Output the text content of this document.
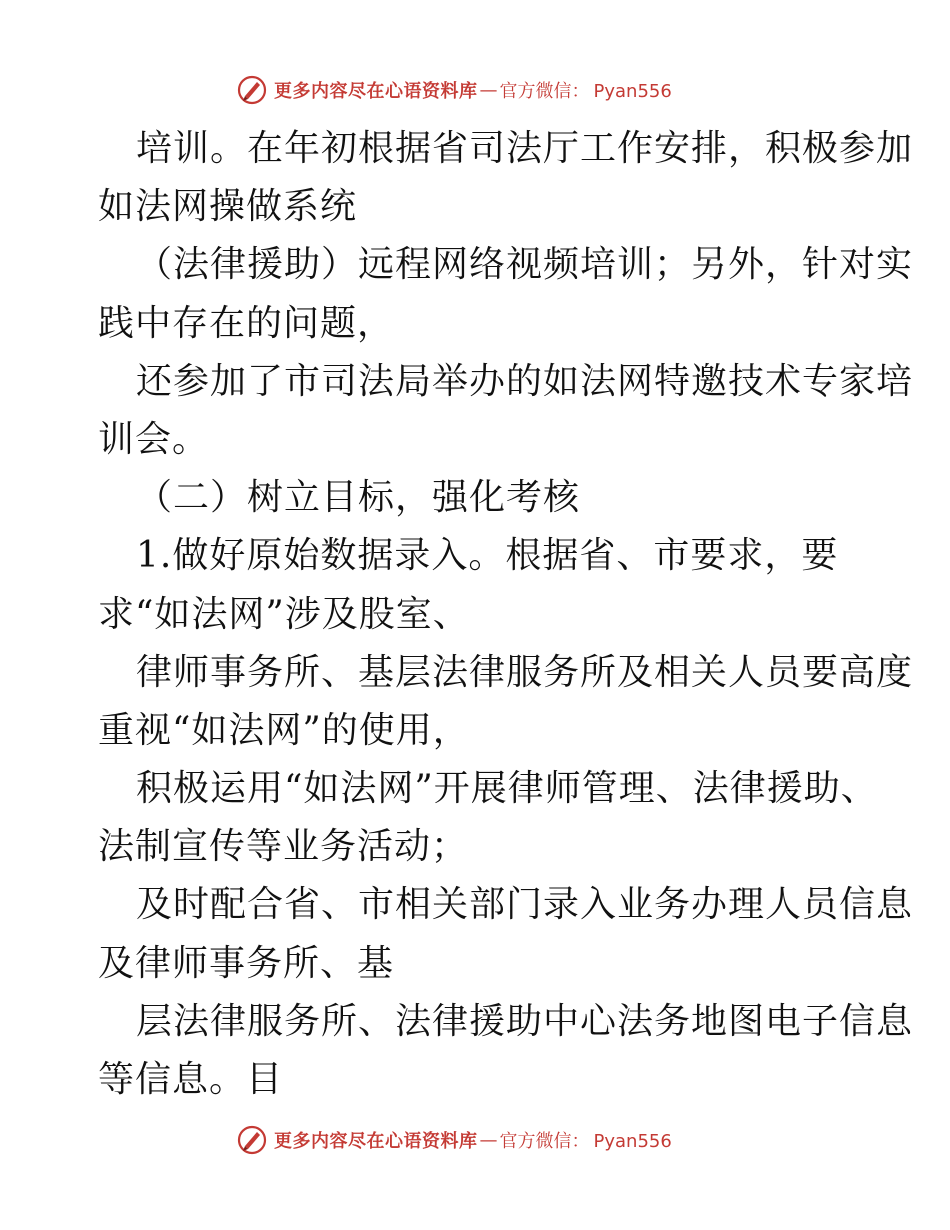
更多内容尽在心语资料库 — 官方微信： Pyan556
培训。在年初根据省司法厅工作安排，积极参加
如法网操做系统
（法律援助）远程网络视频培训；另外，针对实
践中存在的问题，
还参加了市司法局举办的如法网特邀技术专家培
训会。
（二）树立目标，强化考核
1.做好原始数据录入。根据省、市要求，要
求“如法网”涉及股室、
律师事务所、基层法律服务所及相关人员要高度
重视“如法网”的使用，
积极运用“如法网”开展律师管理、法律援助、
法制宣传等业务活动；
及时配合省、市相关部门录入业务办理人员信息
及律师事务所、基
层法律服务所、法律援助中心法务地图电子信息
等信息。目
更多内容尽在心语资料库 — 官方微信： Pyan556
